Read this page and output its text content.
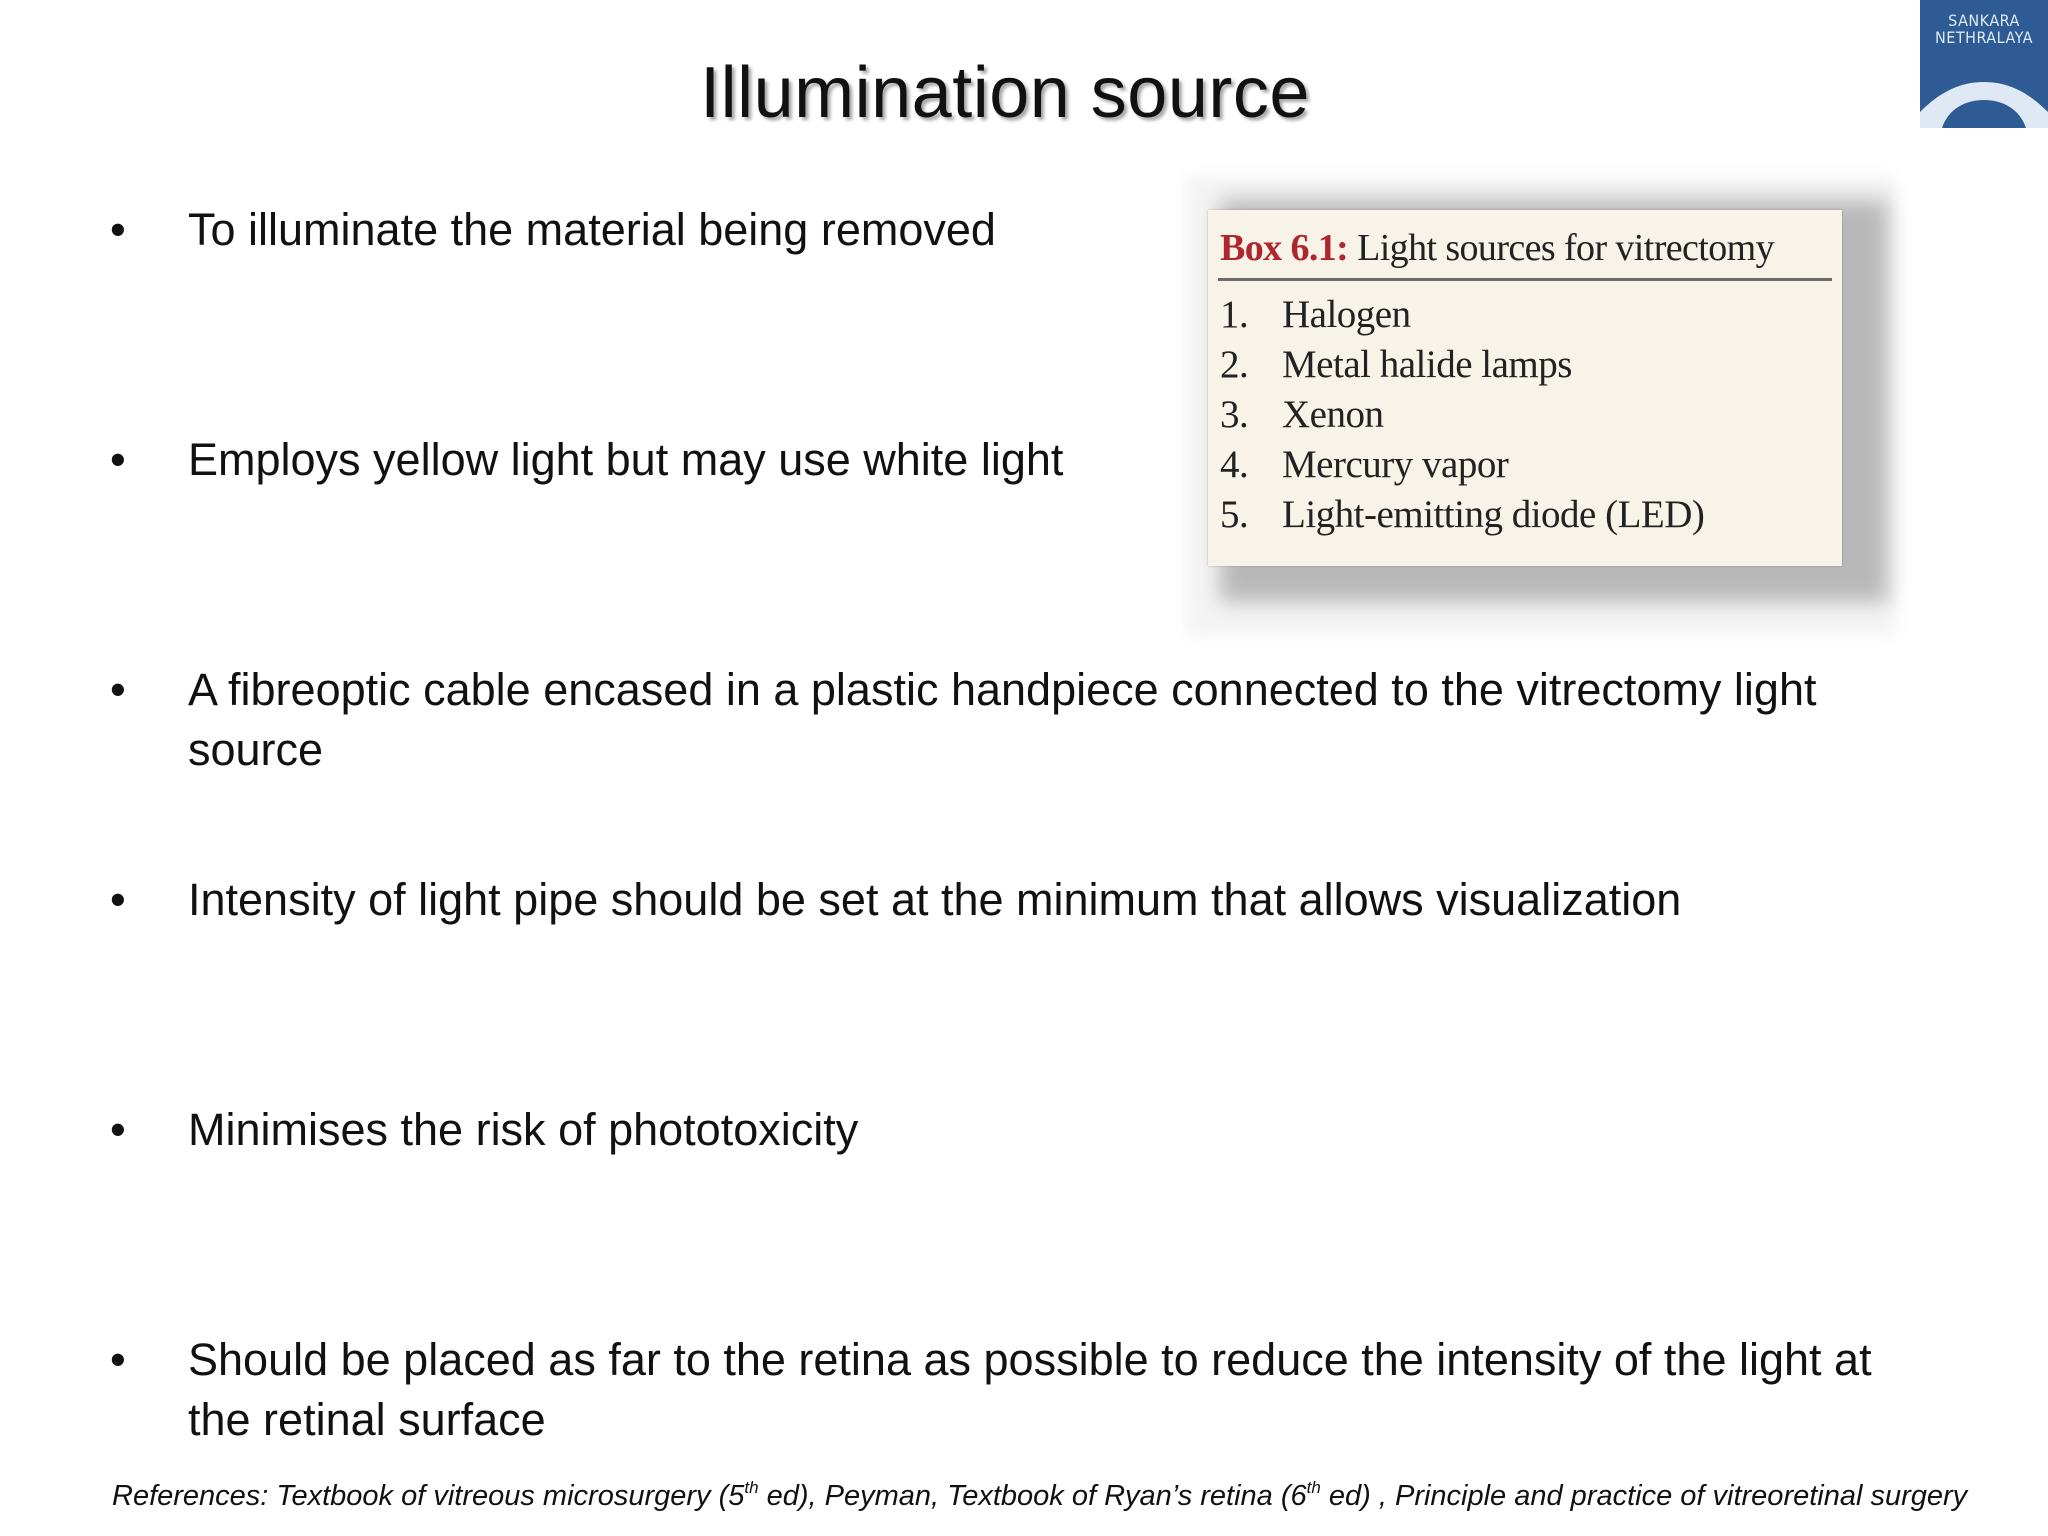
Illumination source
SANKARA NETHRALAYA
•	To illuminate the material being removed
•	Employs yellow light but may use white light
•	A fibreoptic cable encased in a plastic handpiece connected to the vitrectomy light
source
•	Intensity of light pipe should be set at the minimum that allows visualization
•	Minimises the risk of phototoxicity
•	Should be placed as far to the retina as possible to reduce the intensity of the light at
the retinal surface
Box 6.1: Light sources for vitrectomy
1. Halogen
2. Metal halide lamps
3. Xenon
4. Mercury vapor
5. Light-emitting diode (LED)
References: Textbook of vitreous microsurgery (5th ed), Peyman, Textbook of Ryan’s retina (6th ed) , Principle and practice of vitreoretinal surgery
